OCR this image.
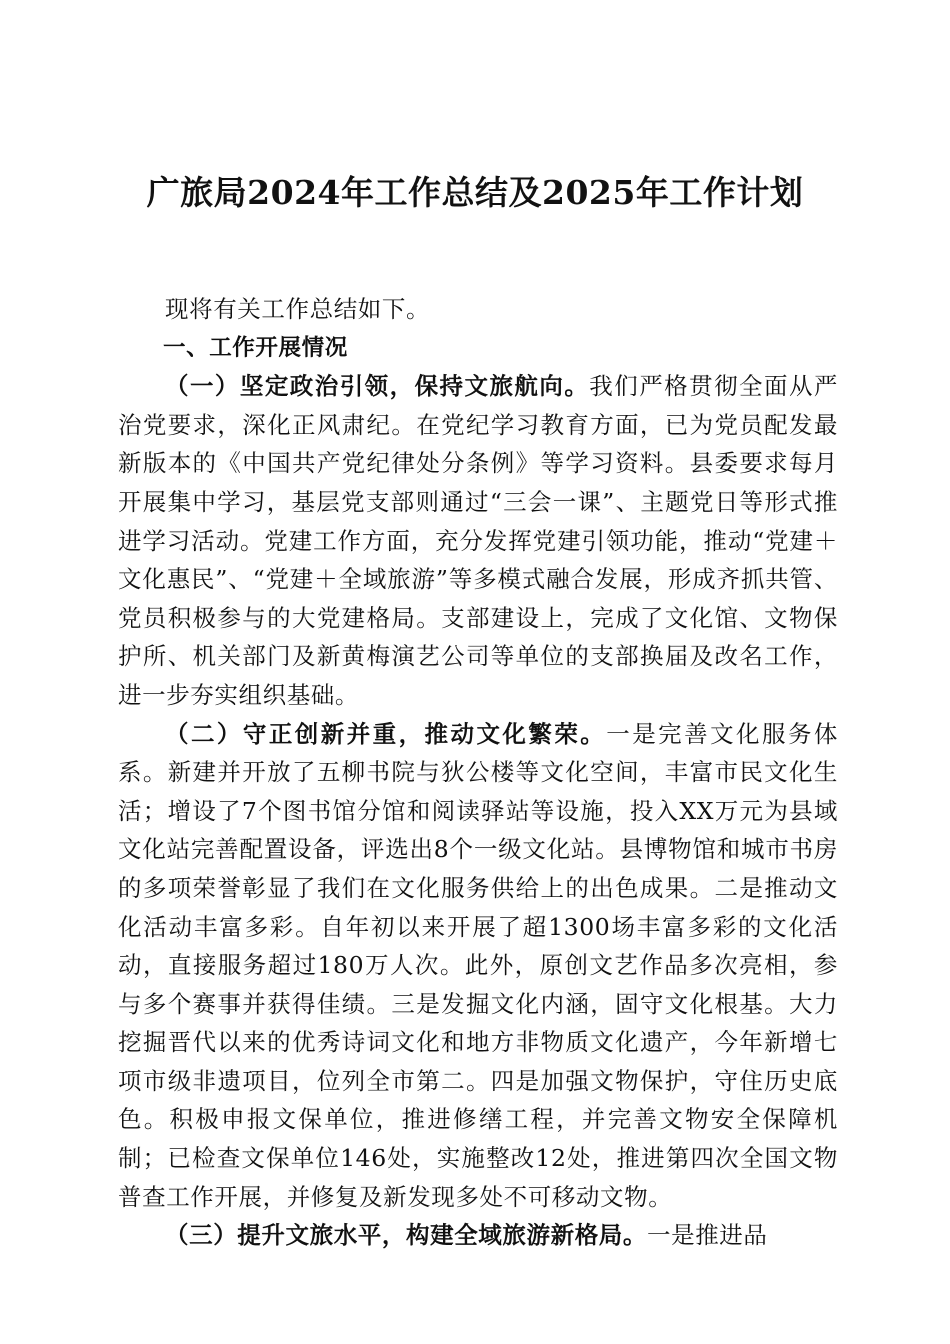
广旅局2024年工作总结及2025年工作计划

现将有关工作总结如下。

一、工作开展情况

（一）坚定政治引领，保持文旅航向。我们严格贯彻全面从严治党要求，深化正风肃纪。在党纪学习教育方面，已为党员配发最新版本的《中国共产党纪律处分条例》等学习资料。县委要求每月开展集中学习，基层党支部则通过“三会一课”、主题党日等形式推进学习活动。党建工作方面，充分发挥党建引领功能，推动“党建＋文化惠民”、“党建＋全域旅游”等多模式融合发展，形成齐抓共管、党员积极参与的大党建格局。支部建设上，完成了文化馆、文物保护所、机关部门及新黄梅演艺公司等单位的支部换届及改名工作，进一步夯实组织基础。

（二）守正创新并重，推动文化繁荣。一是完善文化服务体系。新建并开放了五柳书院与狄公楼等文化空间，丰富市民文化生活；增设了7个图书馆分馆和阅读驿站等设施，投入XX万元为县域文化站完善配置设备，评选出8个一级文化站。县博物馆和城市书房的多项荣誉彰显了我们在文化服务供给上的出色成果。二是推动文化活动丰富多彩。自年初以来开展了超1300场丰富多彩的文化活动，直接服务超过180万人次。此外，原创文艺作品多次亮相，参与多个赛事并获得佳绩。三是发掘文化内涵，固守文化根基。大力挖掘晋代以来的优秀诗词文化和地方非物质文化遗产，今年新增七项市级非遗项目，位列全市第二。四是加强文物保护，守住历史底色。积极申报文保单位，推进修缮工程，并完善文物安全保障机制；已检查文保单位146处，实施整改12处，推进第四次全国文物普查工作开展，并修复及新发现多处不可移动文物。

（三）提升文旅水平，构建全域旅游新格局。一是推进品
